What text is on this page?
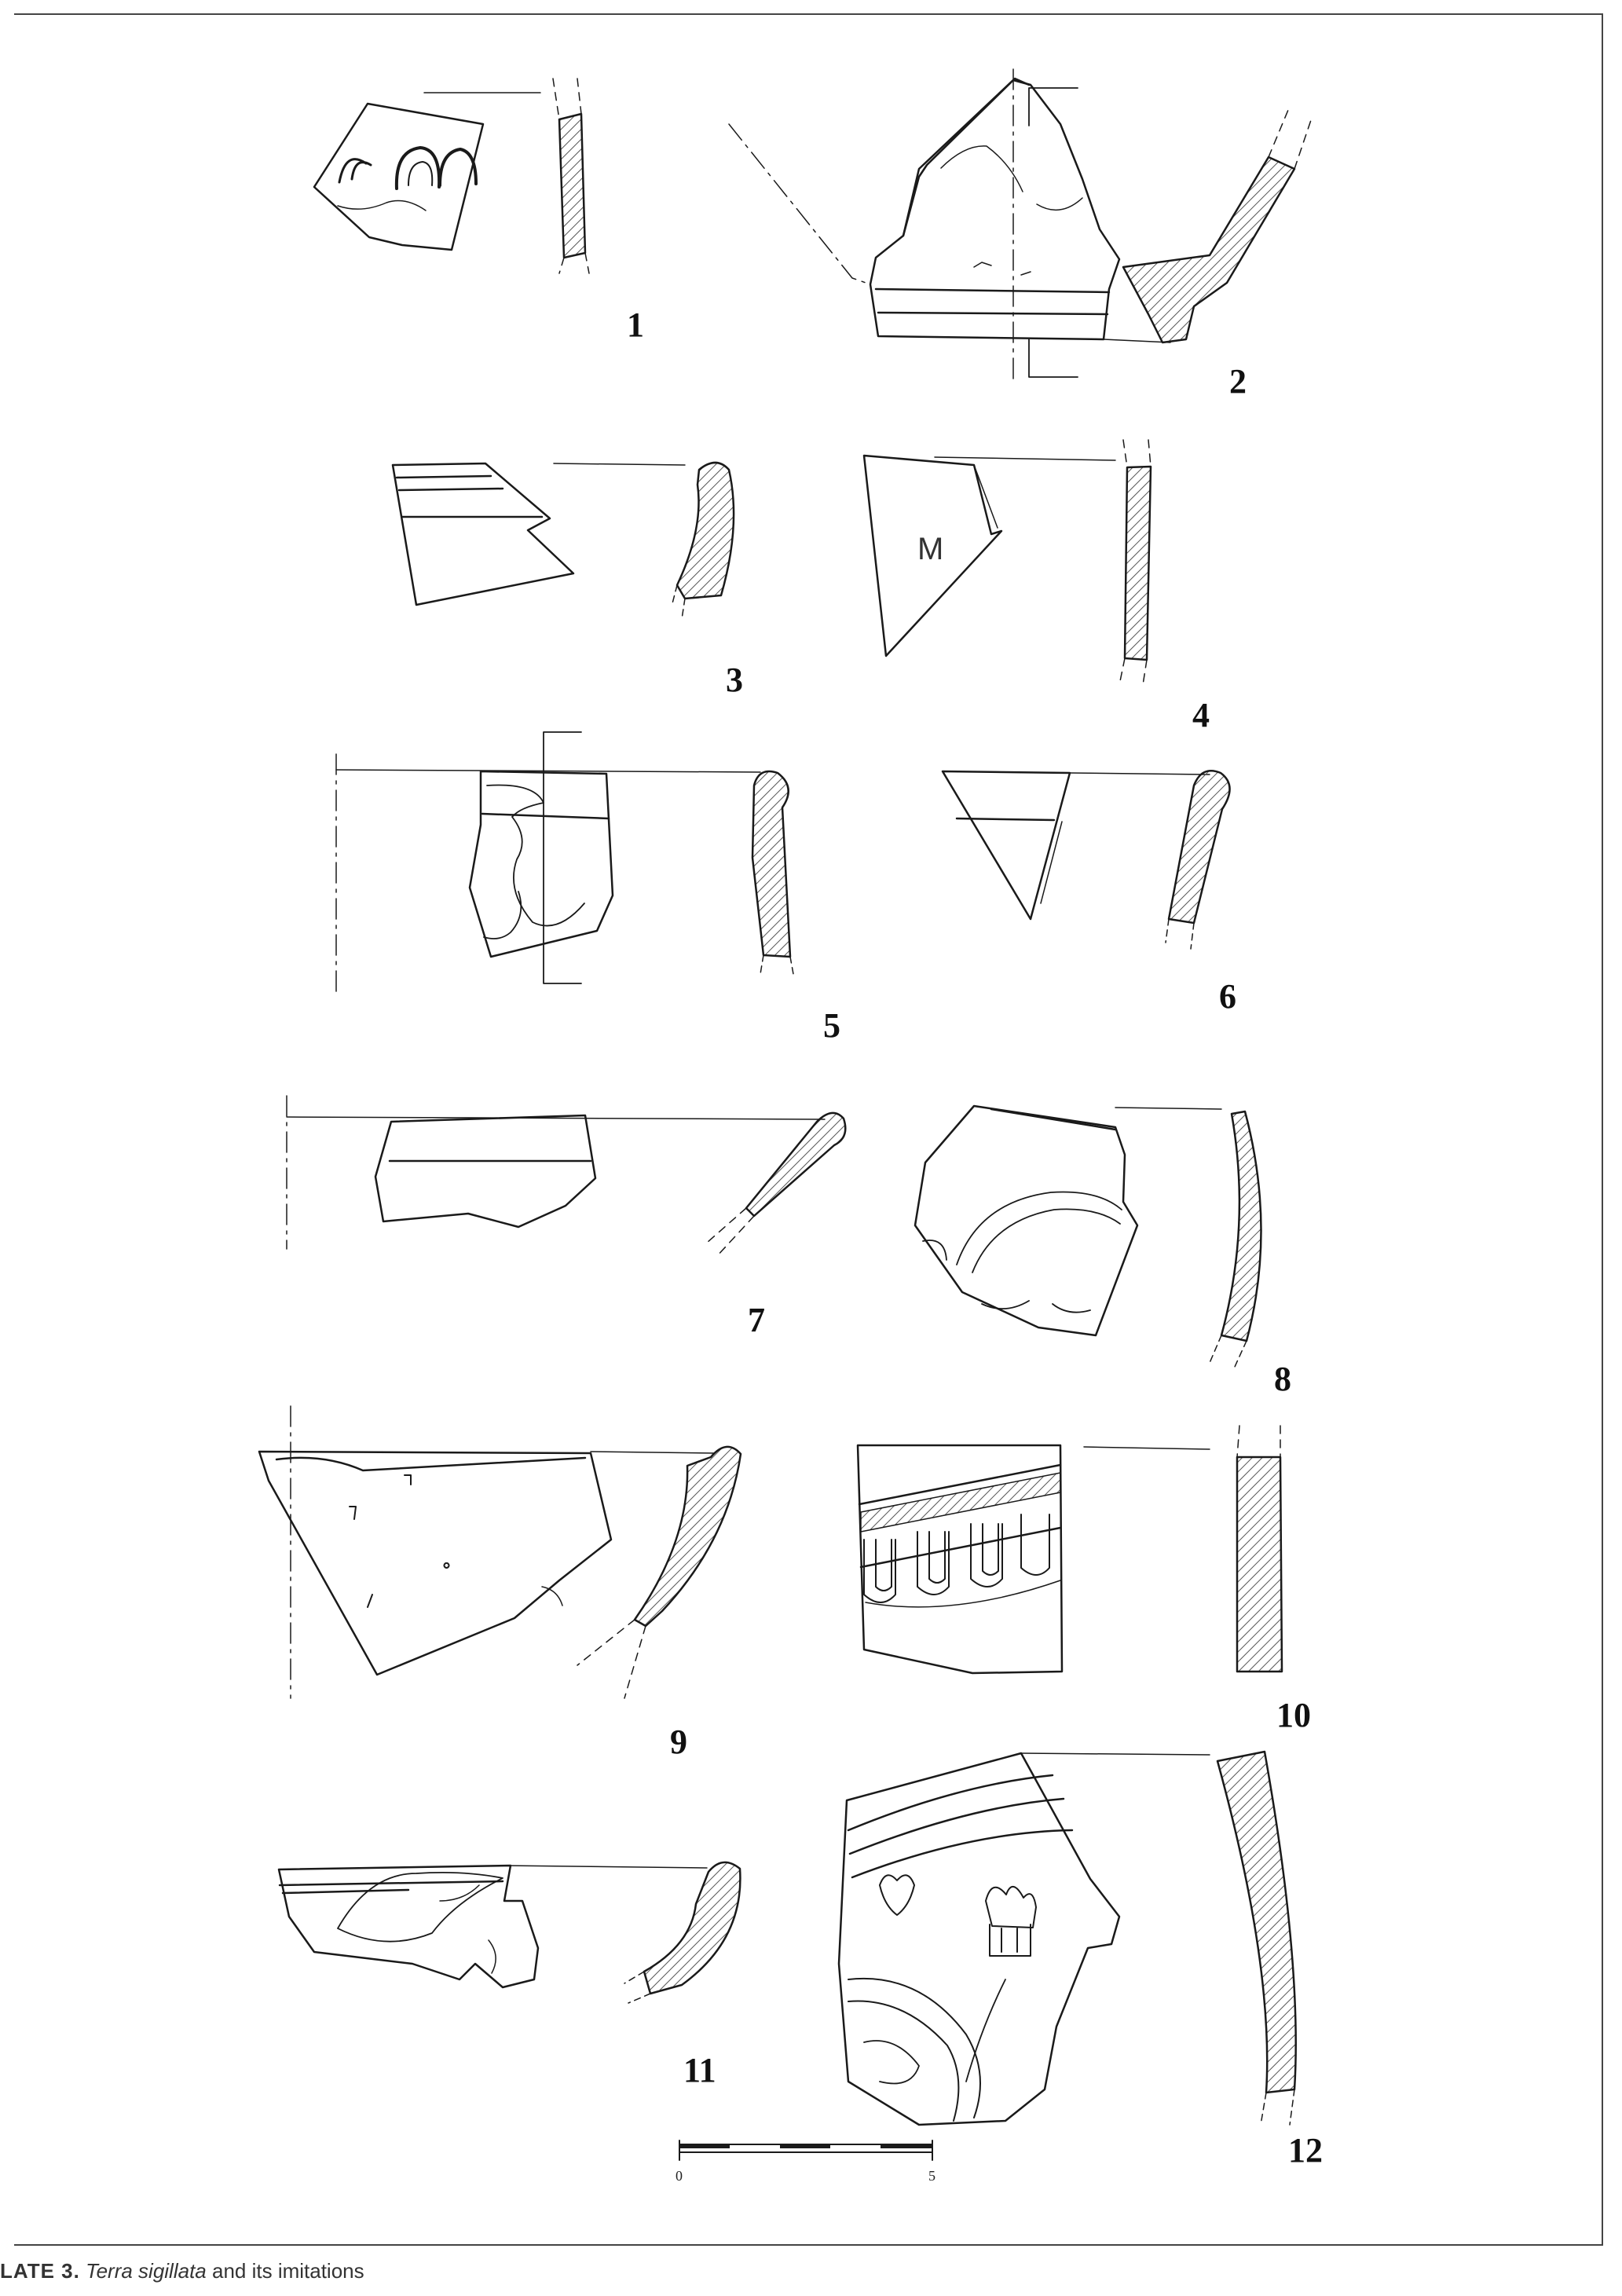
M
0	5
1
2
3
4
5
6
7
8
9
10
11
12
LATE 3. Terra sigillata and its imitations
